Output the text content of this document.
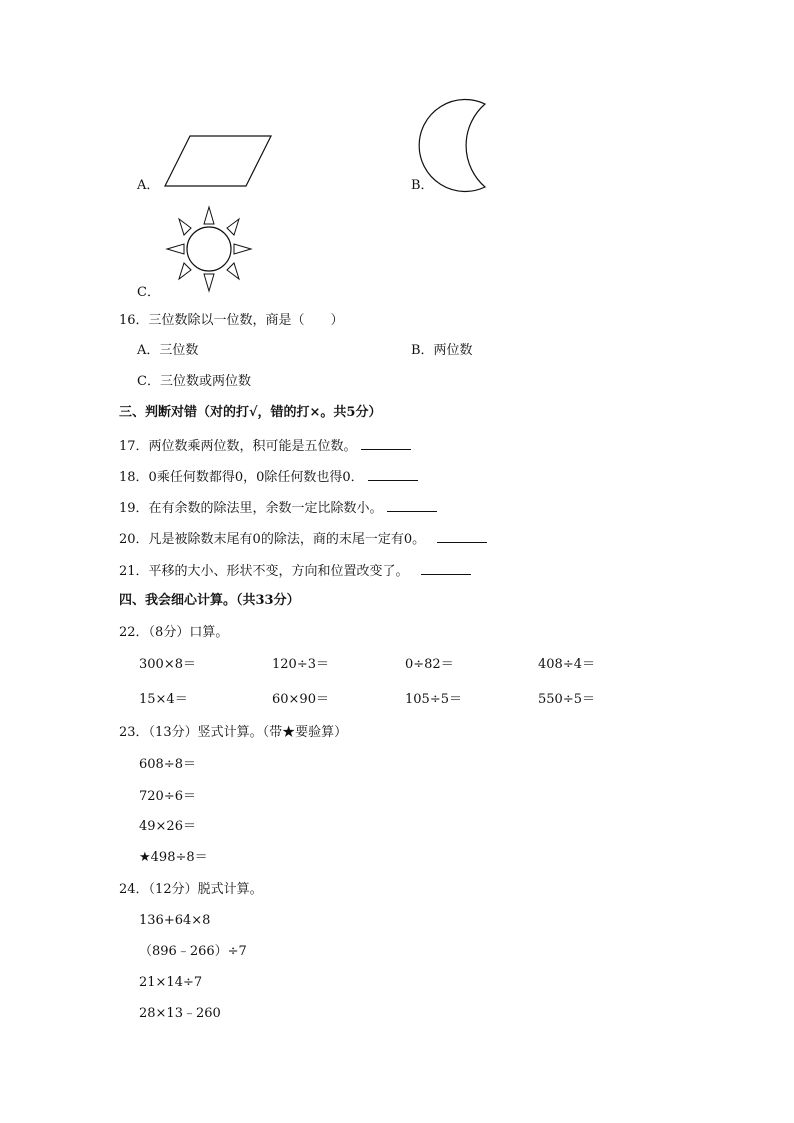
A．	B．
C．
16．三位数除以一位数，商是（　　）
A．三位数	B．两位数
C．三位数或两位数
三、判断对错（对的打√，错的打×。共5分）
17．两位数乘两位数，积可能是五位数。
18．0乘任何数都得0，0除任何数也得0．
19．在有余数的除法里，余数一定比除数小。
20．凡是被除数末尾有0的除法，商的末尾一定有0。
21．平移的大小、形状不变，方向和位置改变了。
四、我会细心计算。（共33分）
22．（8分）口算。
300×8＝	120÷3＝	0÷82＝	408÷4＝
15×4＝	60×90＝	105÷5＝	550÷5＝
23．（13分）竖式计算。（带★要验算）
608÷8＝
720÷6＝
49×26＝
★498÷8＝
24．（12分）脱式计算。
136+64×8
（896﹣266）÷7
21×14÷7
28×13﹣260
